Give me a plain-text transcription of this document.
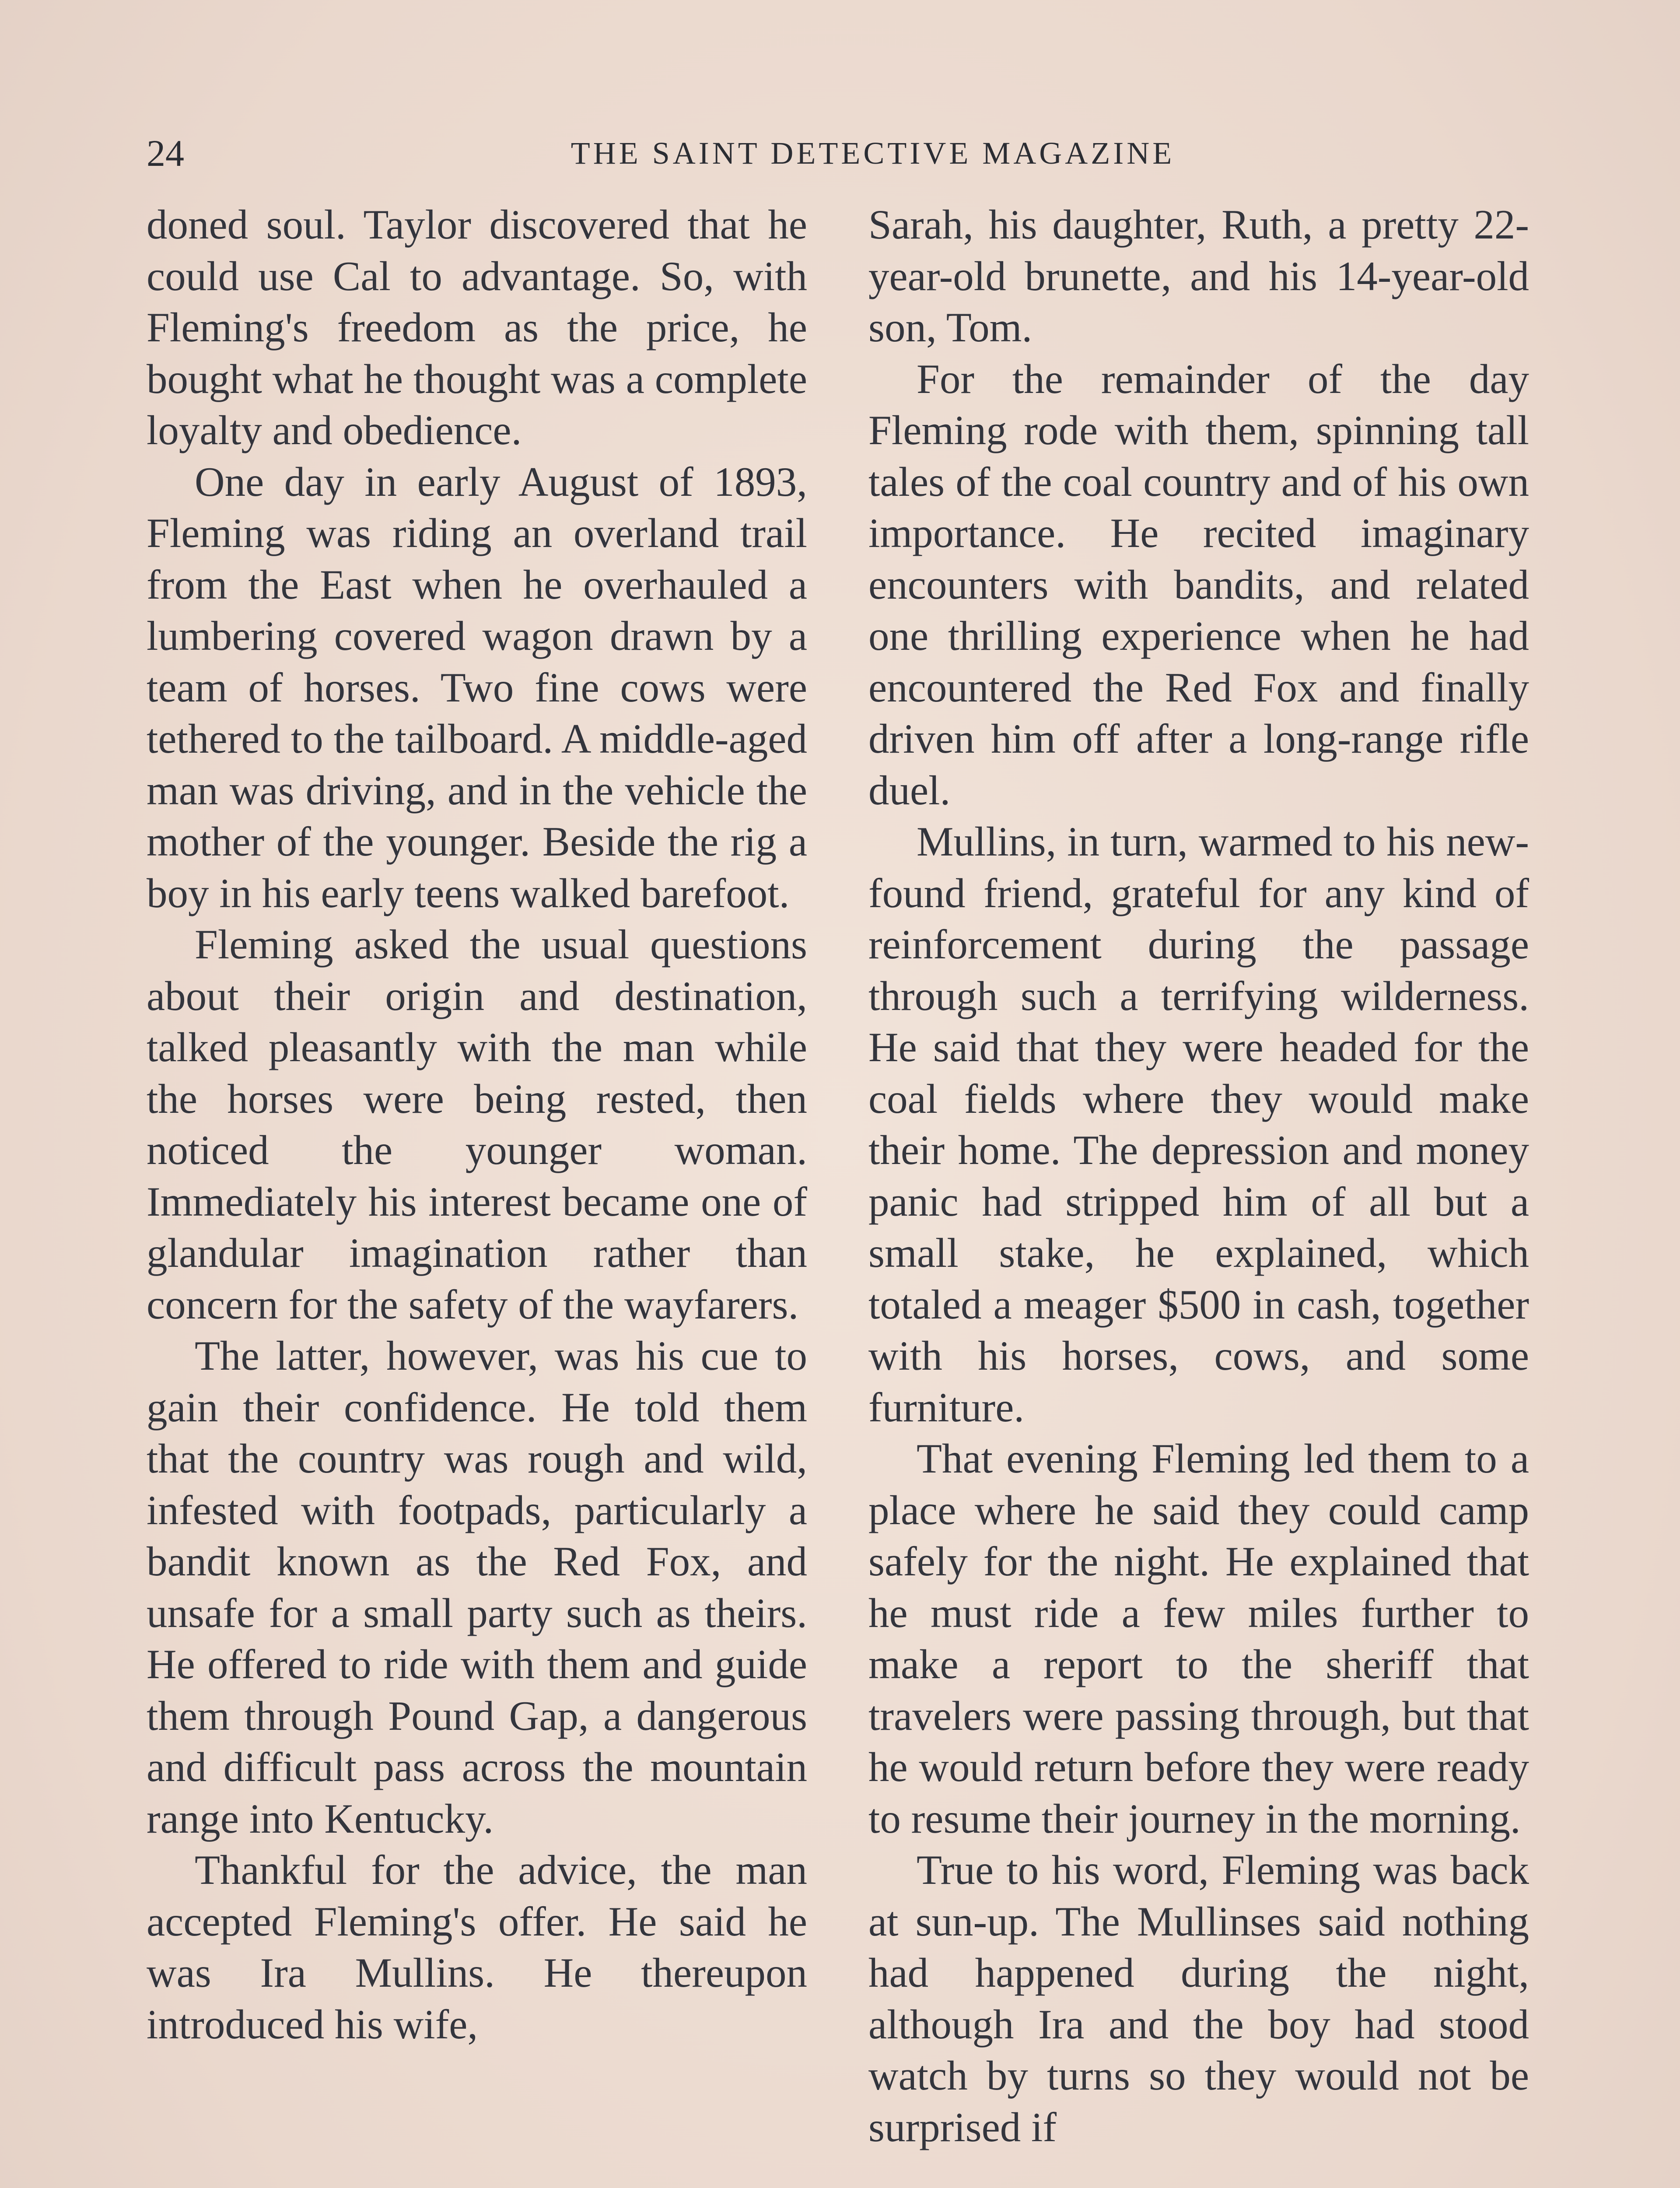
24	THE SAINT DETECTIVE MAGAZINE

doned soul. Taylor discovered that he could use Cal to advantage. So, with Fleming's freedom as the price, he bought what he thought was a complete loyalty and obedience.

One day in early August of 1893, Fleming was riding an overland trail from the East when he overhauled a lumbering covered wagon drawn by a team of horses. Two fine cows were tethered to the tailboard. A middle-aged man was driving, and in the vehicle the mother of the younger. Beside the rig a boy in his early teens walked barefoot.

Fleming asked the usual questions about their origin and destination, talked pleasantly with the man while the horses were being rested, then noticed the younger woman. Immediately his interest became one of glandular imagination rather than concern for the safety of the wayfarers.

The latter, however, was his cue to gain their confidence. He told them that the country was rough and wild, infested with footpads, particularly a bandit known as the Red Fox, and unsafe for a small party such as theirs. He offered to ride with them and guide them through Pound Gap, a dangerous and difficult pass across the mountain range into Kentucky.

Thankful for the advice, the man accepted Fleming's offer. He said he was Ira Mullins. He thereupon introduced his wife,

Sarah, his daughter, Ruth, a pretty 22-year-old brunette, and his 14-year-old son, Tom.

For the remainder of the day Fleming rode with them, spinning tall tales of the coal country and of his own importance. He recited imaginary encounters with bandits, and related one thrilling experience when he had encountered the Red Fox and finally driven him off after a long-range rifle duel.

Mullins, in turn, warmed to his new-found friend, grateful for any kind of reinforcement during the passage through such a terrifying wilderness. He said that they were headed for the coal fields where they would make their home. The depression and money panic had stripped him of all but a small stake, he explained, which totaled a meager $500 in cash, together with his horses, cows, and some furniture.

That evening Fleming led them to a place where he said they could camp safely for the night. He explained that he must ride a few miles further to make a report to the sheriff that travelers were passing through, but that he would return before they were ready to resume their journey in the morning.

True to his word, Fleming was back at sun-up. The Mullinses said nothing had happened during the night, although Ira and the boy had stood watch by turns so they would not be surprised if
